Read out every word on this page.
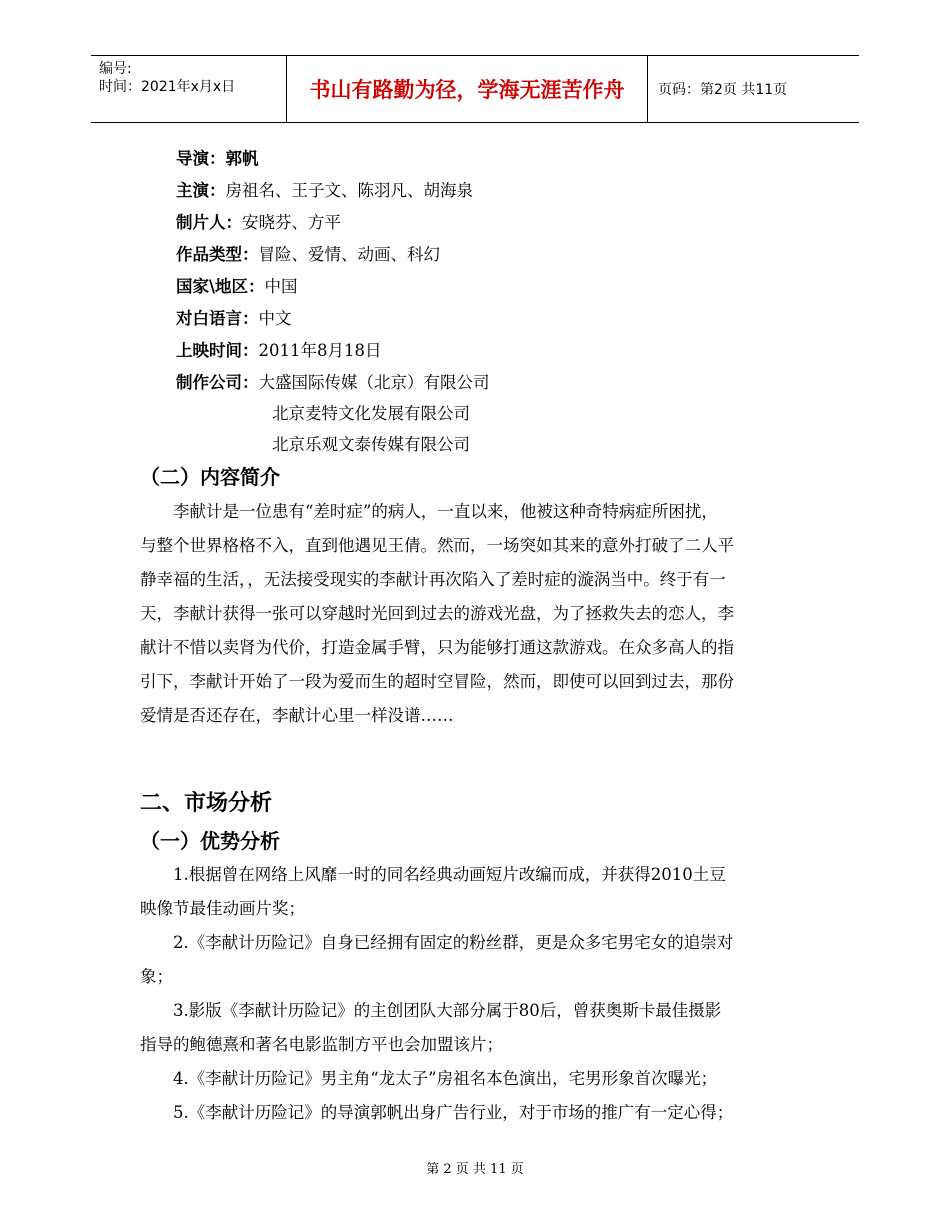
编号:
时间：2021年x月x日	书山有路勤为径，学海无涯苦作舟	页码：第2页 共11页
导演：郭帆
主演：房祖名、王子文、陈羽凡、胡海泉
制片人：安晓芬、方平
作品类型：冒险、爱情、动画、科幻
国家\地区：中国
对白语言：中文
上映时间：2011年8月18日
制作公司：大盛国际传媒（北京）有限公司
北京麦特文化发展有限公司
北京乐观文泰传媒有限公司
（二）内容简介
　　李献计是一位患有“差时症”的病人，一直以来，他被这种奇特病症所困扰，
与整个世界格格不入，直到他遇见王倩。然而，一场突如其来的意外打破了二人平
静幸福的生活，，无法接受现实的李献计再次陷入了差时症的漩涡当中。终于有一
天，李献计获得一张可以穿越时光回到过去的游戏光盘，为了拯救失去的恋人，李
献计不惜以卖肾为代价，打造金属手臂，只为能够打通这款游戏。在众多高人的指
引下，李献计开始了一段为爱而生的超时空冒险，然而，即使可以回到过去，那份
爱情是否还存在，李献计心里一样没谱……
二、市场分析
（一）优势分析
　　1.根据曾在网络上风靡一时的同名经典动画短片改编而成，并获得2010土豆
映像节最佳动画片奖；
　　2.《李献计历险记》自身已经拥有固定的粉丝群，更是众多宅男宅女的追崇对
象；
　　3.影版《李献计历险记》的主创团队大部分属于80后，曾获奥斯卡最佳摄影
指导的鲍德熹和著名电影监制方平也会加盟该片；
　　4.《李献计历险记》男主角“龙太子”房祖名本色演出，宅男形象首次曝光；
　　5.《李献计历险记》的导演郭帆出身广告行业，对于市场的推广有一定心得；
第 2 页 共 11 页
